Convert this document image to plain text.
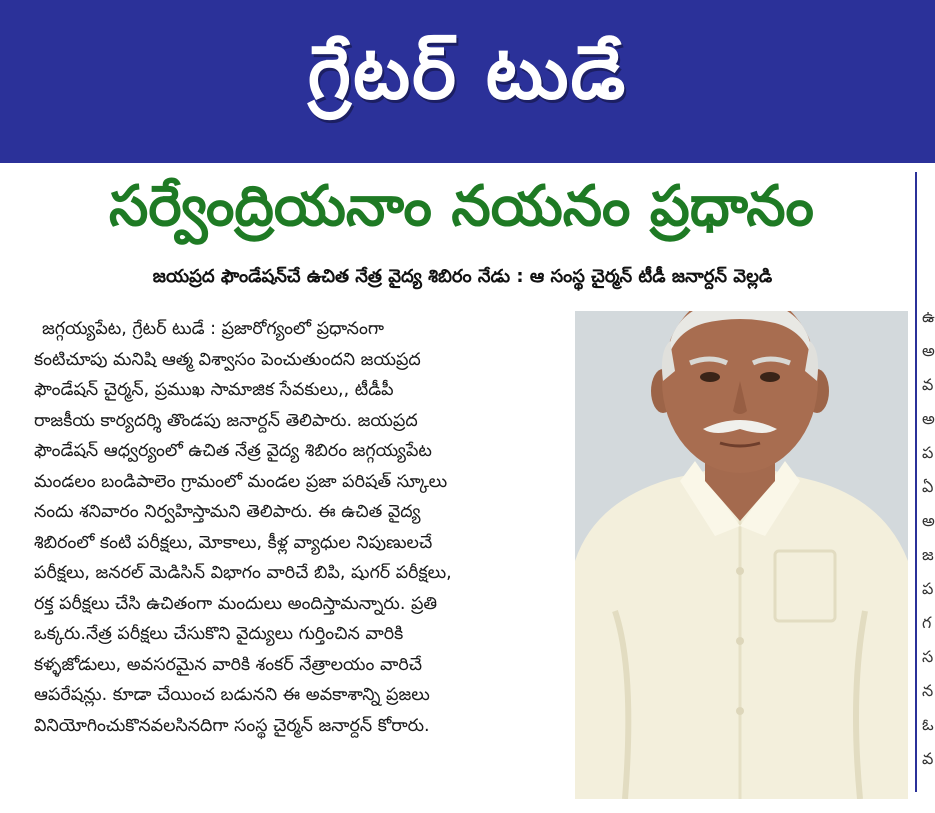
గ్రేటర్ టుడే
సర్వేంద్రియనాం నయనం ప్రధానం
జయప్రద ఫౌండేషన్‌చే ఉచిత నేత్ర వైద్య శిబిరం నేడు : ఆ సంస్థ చైర్మన్ టీడీ జనార్దన్ వెల్లడి
జగ్గయ్యపేట, గ్రేటర్ టుడే : ప్రజారోగ్యంలో ప్రధానంగా
కంటిచూపు మనిషి ఆత్మ విశ్వాసం పెంచుతుందని జయప్రద
ఫౌండేషన్ చైర్మన్, ప్రముఖ సామాజిక సేవకులు,, టీడీపీ
రాజకీయ కార్యదర్శి తొండపు జనార్దన్ తెలిపారు. జయప్రద
ఫౌండేషన్ ఆధ్వర్యంలో ఉచిత నేత్ర వైద్య శిబిరం జగ్గయ్యపేట
మండలం బండిపాలెం గ్రామంలో మండల ప్రజా పరిషత్ స్కూలు
నందు శనివారం నిర్వహిస్తామని తెలిపారు. ఈ ఉచిత వైద్య
శిబిరంలో కంటి పరీక్షలు, మోకాలు, కీళ్ల వ్యాధుల నిపుణులచే
పరీక్షలు, జనరల్ మెడిసిన్ విభాగం వారిచే బిపి, షుగర్ పరీక్షలు,
రక్త పరీక్షలు చేసి ఉచితంగా మందులు అందిస్తామన్నారు. ప్రతి
ఒక్కరు.నేత్ర పరీక్షలు చేసుకొని వైద్యులు గుర్తించిన వారికి
కళ్ళజోడులు, అవసరమైన వారికి శంకర్ నేత్రాలయం వారిచే
ఆపరేషన్లు. కూడా చేయించ బడునని ఈ అవకాశాన్ని ప్రజలు
వినియోగించుకొనవలసినదిగా సంస్థ చైర్మన్ జనార్దన్ కోరారు.
ఉ
అ
వ
అ
ప
ఏ
అ
జ
ప
గ
స
న
ఓ
వ
